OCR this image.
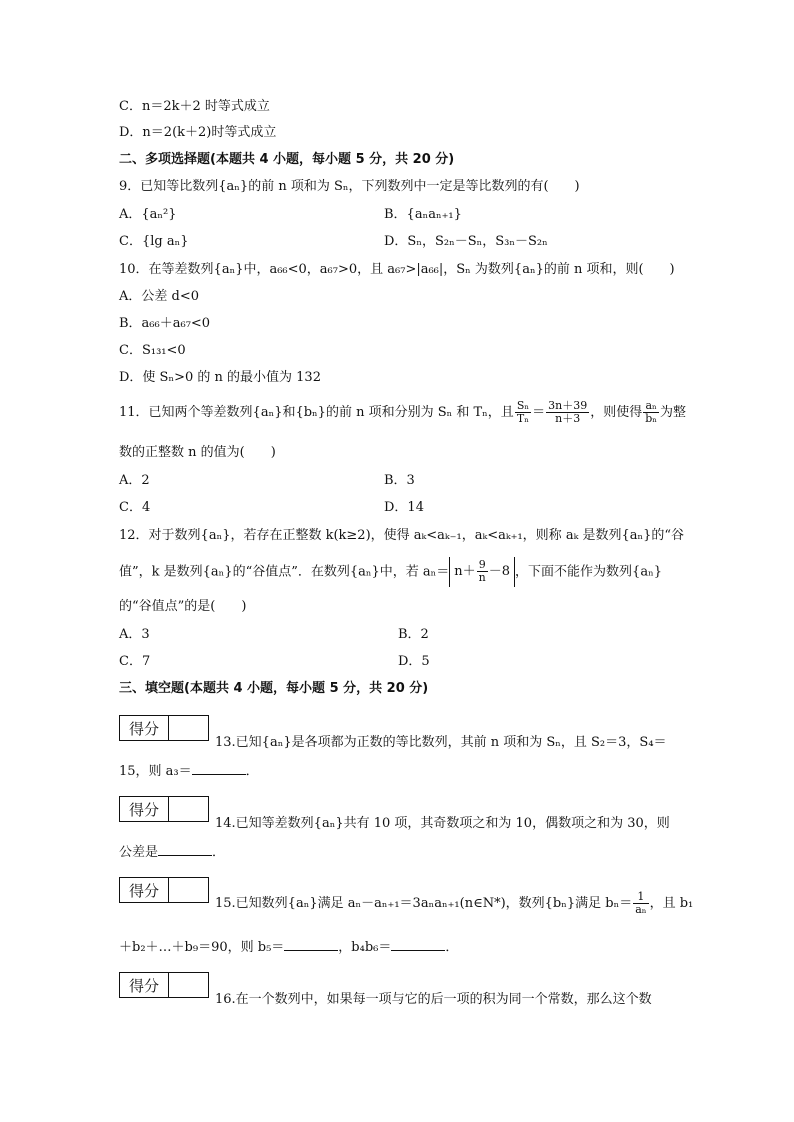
C．n＝2k＋2 时等式成立
D．n＝2(k＋2)时等式成立
二、多项选择题(本题共 4 小题，每小题 5 分，共 20 分)
9．已知等比数列{aₙ}的前 n 项和为 Sₙ，下列数列中一定是等比数列的有(　　)
A．{aₙ²}	B．{aₙaₙ₊₁}
C．{lg aₙ}	D．Sₙ，S₂ₙ－Sₙ，S₃ₙ－S₂ₙ
10．在等差数列{aₙ}中，a₆₆<0，a₆₇>0，且 a₆₇>|a₆₆|，Sₙ 为数列{aₙ}的前 n 项和，则(　　)
A．公差 d<0
B．a₆₆＋a₆₇<0
C．S₁₃₁<0
D．使 Sₙ>0 的 n 的最小值为 132
11．已知两个等差数列{aₙ}和{bₙ}的前 n 项和分别为 Sₙ 和 Tₙ，且 $\frac{\text{Sₙ}}{\text{Tₙ}} = \frac{3n+39}{n+3}$ ，则使得 $\frac{\text{aₙ}}{\text{bₙ}}$ 为整
数的正整数 n 的值为(　　)
A．2	B．3
C．4	D．14
12．对于数列{aₙ}，若存在正整数 k(k≥2)，使得 aₖ<aₖ₋₁，aₖ<aₖ₊₁，则称 aₖ 是数列{aₙ}的“谷
值”，k 是数列{aₙ}的“谷值点”．在数列{aₙ}中，若 $a_n= n+ \frac{9}{n} -8$ ，下面不能作为数列{aₙ}
的“谷值点”的是(　　)
A．3	B．2
C．7	D．5
三、填空题(本题共 4 小题，每小题 5 分，共 20 分)
得分
13.已知{aₙ}是各项都为正数的等比数列，其前 n 项和为 Sₙ，且 S₂＝3，S₄＝
15，则 a₃＝	．
得分
14.已知等差数列{aₙ}共有 10 项，其奇数项之和为 10，偶数项之和为 30，则
公差是	．
得分
15.已知数列{aₙ}满足 aₙ－aₙ₊₁＝3aₙaₙ₊₁(n∈N*)，数列{bₙ}满足 $b_n= \frac{1}{\text{aₙ}}$ ，且 b₁
＋b₂＋…＋b₉＝90，则 b₅＝	，b₄b₆＝	．
得分
16.在一个数列中，如果每一项与它的后一项的积为同一个常数，那么这个数
